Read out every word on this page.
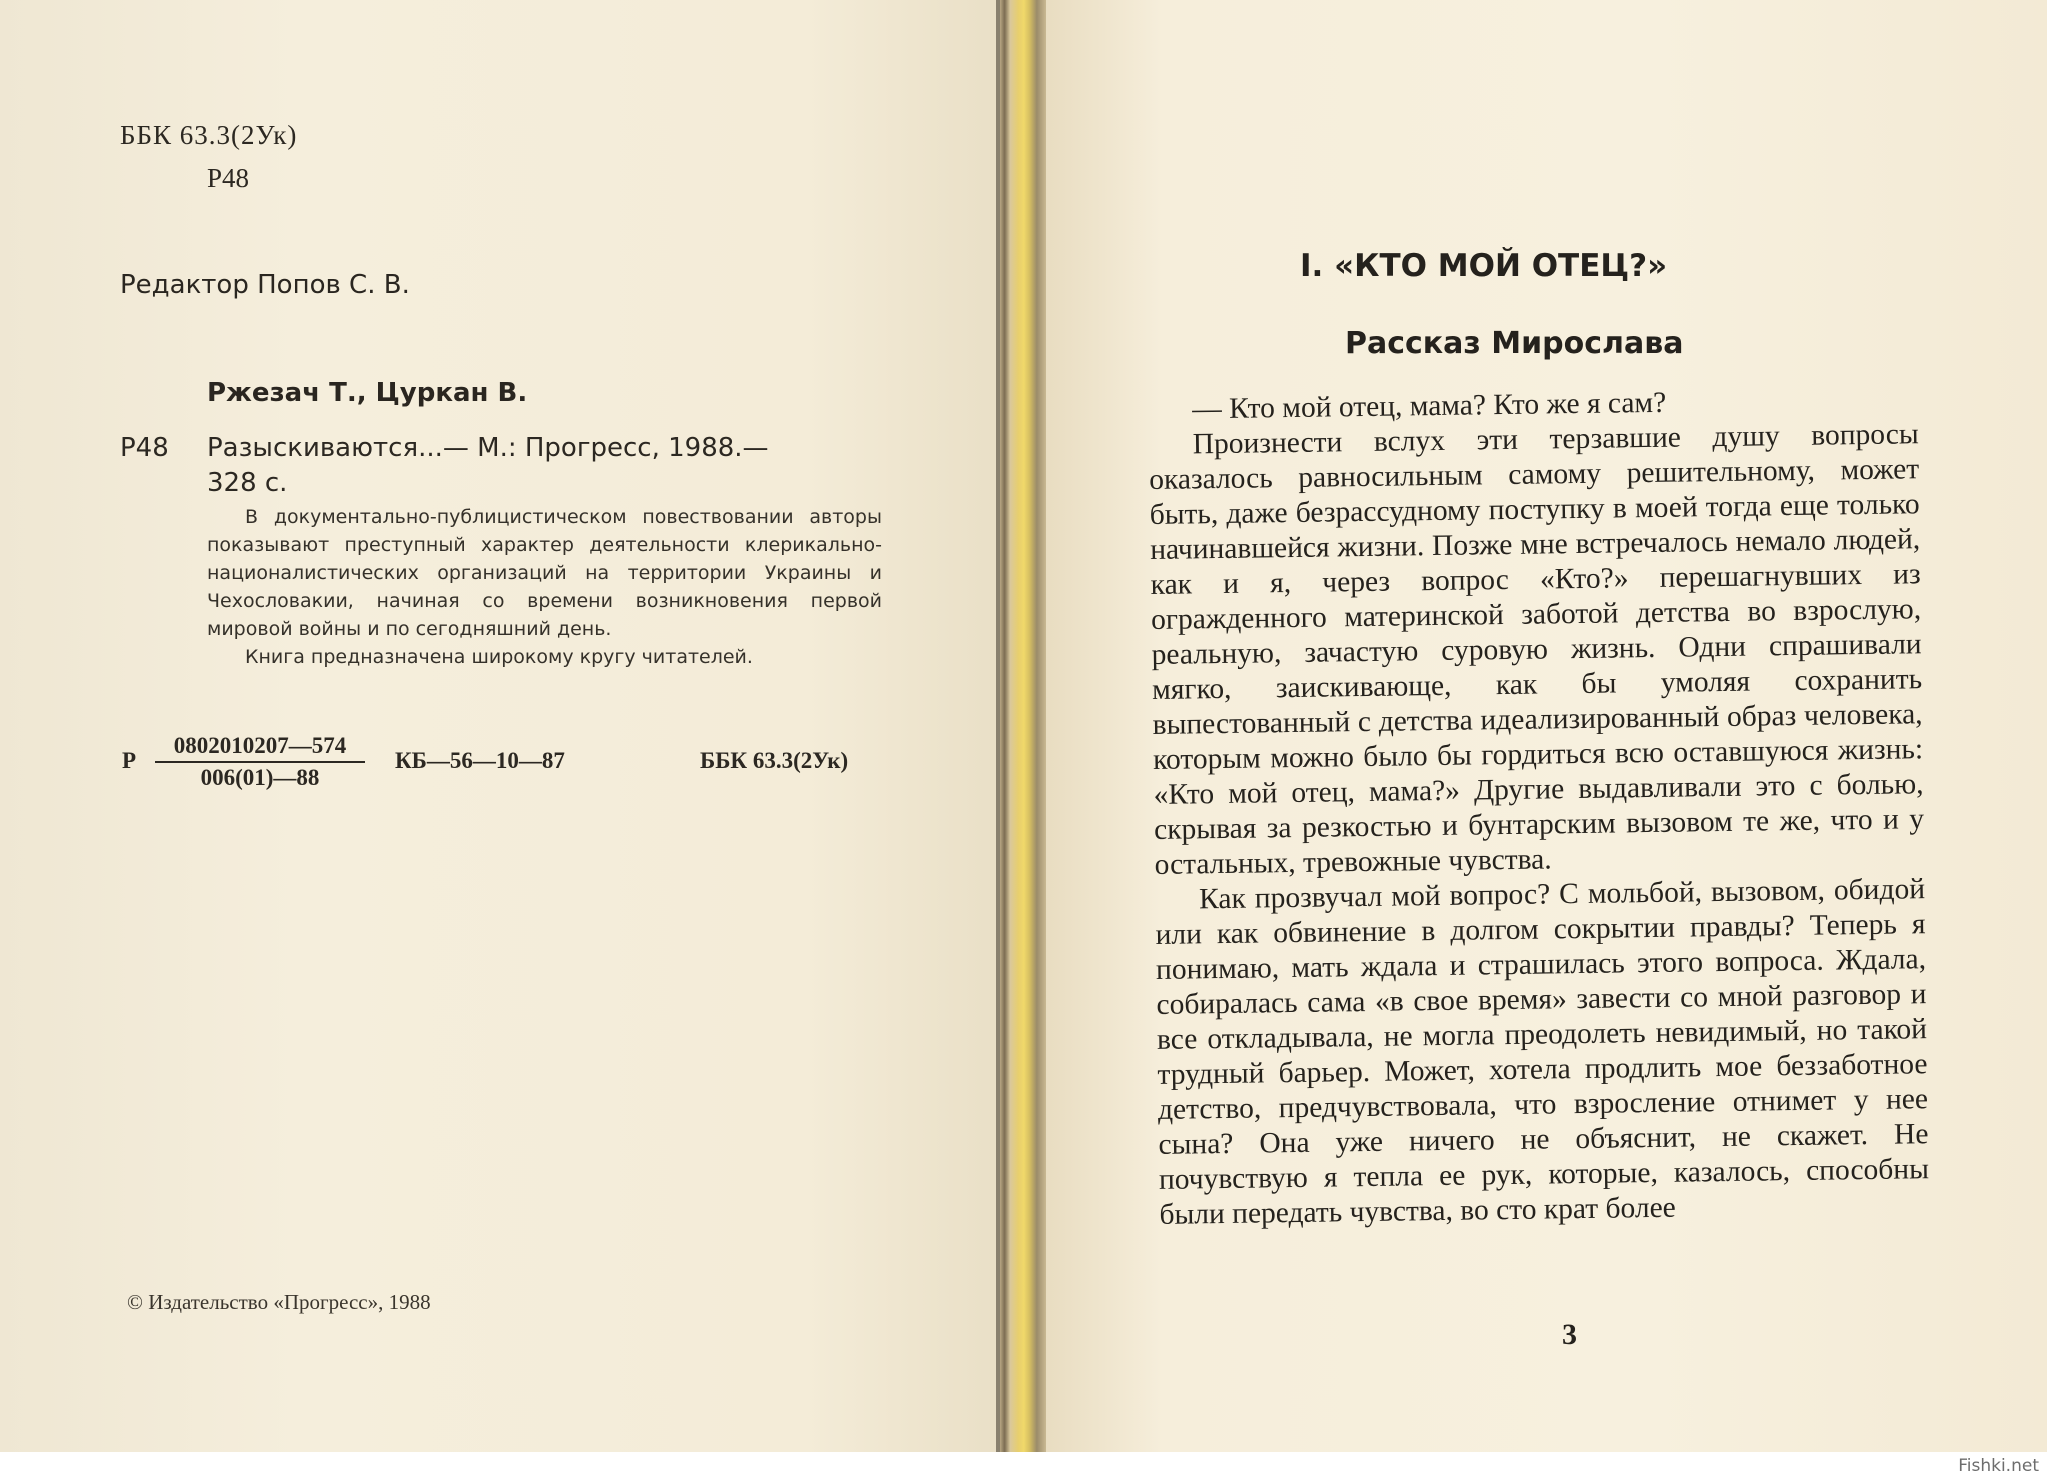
ББК 63.3(2Ук)
Р48
Редактор Попов С. В.
Ржезач Т., Цуркан В.
Р48 Разыскиваются...— М.: Прогресс, 1988.—
328 с.

В документально-публицистическом повествовании авторы показывают преступный характер деятельности клерикально-националистических организаций на территории Украины и Чехословакии, начиная со времени возникновения первой мировой войны и по сегодняшний день.

Книга предназначена широкому кругу читателей.

Р $\frac{0802010207—574}{006(01)—88}$ КБ—56—10—87	ББК 63.3(2Ук)
© Издательство «Прогресс», 1988
I. «КТО МОЙ ОТЕЦ?»
Рассказ Мирослава

— Кто мой отец, мама? Кто же я сам?

Произнести вслух эти терзавшие душу вопросы оказалось равносильным самому решительному, может быть, даже безрассудному поступку в моей тогда еще только начинавшейся жизни. Позже мне встречалось немало людей, как и я, через вопрос «Кто?» перешагнувших из огражденного материнской заботой детства во взрослую, реальную, зачастую суровую жизнь. Одни спрашивали мягко, заискивающе, как бы умоляя сохранить выпестованный с детства идеализированный образ человека, которым можно было бы гордиться всю оставшуюся жизнь: «Кто мой отец, мама?» Другие выдавливали это с болью, скрывая за резкостью и бунтарским вызовом те же, что и у остальных, тревожные чувства.

Как прозвучал мой вопрос? С мольбой, вызовом, обидой или как обвинение в долгом сокрытии правды? Теперь я понимаю, мать ждала и страшилась этого вопроса. Ждала, собиралась сама «в свое время» завести со мной разговор и все откладывала, не могла преодолеть невидимый, но такой трудный барьер. Может, хотела продлить мое беззаботное детство, предчувствовала, что взросление отнимет у нее сына? Она уже ничего не объяснит, не скажет. Не почувствую я тепла ее рук, которые, казалось, способны были передать чувства, во сто крат более

3
Fishki.net
